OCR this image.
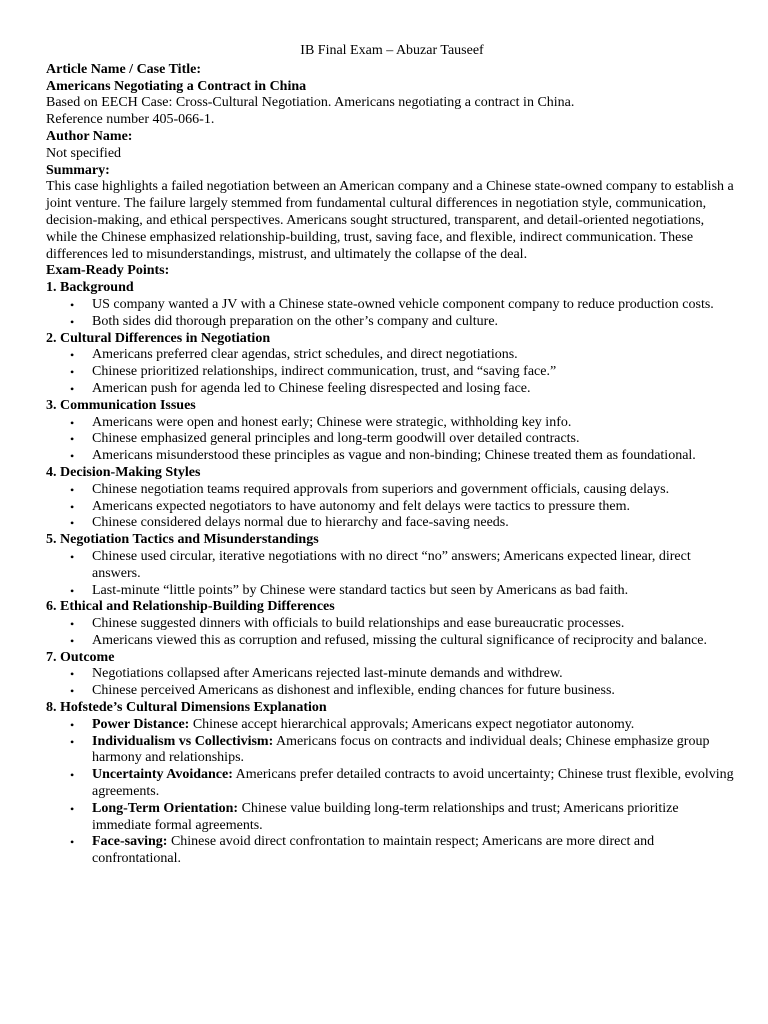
IB Final Exam – Abuzar Tauseef

Article Name / Case Title:

Americans Negotiating a Contract in China

Based on EECH Case: Cross-Cultural Negotiation. Americans negotiating a contract in China.

Reference number 405-066-1.

Author Name:

Not specified

Summary:

This case highlights a failed negotiation between an American company and a Chinese state-owned company to establish a joint venture. The failure largely stemmed from fundamental cultural differences in negotiation style, communication, decision-making, and ethical perspectives. Americans sought structured, transparent, and detail-oriented negotiations, while the Chinese emphasized relationship-building, trust, saving face, and flexible, indirect communication. These differences led to misunderstandings, mistrust, and ultimately the collapse of the deal.

Exam-Ready Points:

1. Background

• US company wanted a JV with a Chinese state-owned vehicle component company to reduce production costs.
• Both sides did thorough preparation on the other’s company and culture.

2. Cultural Differences in Negotiation

• Americans preferred clear agendas, strict schedules, and direct negotiations.
• Chinese prioritized relationships, indirect communication, trust, and “saving face.”
• American push for agenda led to Chinese feeling disrespected and losing face.

3. Communication Issues

• Americans were open and honest early; Chinese were strategic, withholding key info.
• Chinese emphasized general principles and long-term goodwill over detailed contracts.
• Americans misunderstood these principles as vague and non-binding; Chinese treated them as foundational.

4. Decision-Making Styles

• Chinese negotiation teams required approvals from superiors and government officials, causing delays.
• Americans expected negotiators to have autonomy and felt delays were tactics to pressure them.
• Chinese considered delays normal due to hierarchy and face-saving needs.

5. Negotiation Tactics and Misunderstandings

• Chinese used circular, iterative negotiations with no direct “no” answers; Americans expected linear, direct answers.
• Last-minute “little points” by Chinese were standard tactics but seen by Americans as bad faith.

6. Ethical and Relationship-Building Differences

• Chinese suggested dinners with officials to build relationships and ease bureaucratic processes.
• Americans viewed this as corruption and refused, missing the cultural significance of reciprocity and balance.

7. Outcome

• Negotiations collapsed after Americans rejected last-minute demands and withdrew.
• Chinese perceived Americans as dishonest and inflexible, ending chances for future business.

8. Hofstede’s Cultural Dimensions Explanation

• Power Distance: Chinese accept hierarchical approvals; Americans expect negotiator autonomy.
• Individualism vs Collectivism: Americans focus on contracts and individual deals; Chinese emphasize group harmony and relationships.
• Uncertainty Avoidance: Americans prefer detailed contracts to avoid uncertainty; Chinese trust flexible, evolving agreements.
• Long-Term Orientation: Chinese value building long-term relationships and trust; Americans prioritize immediate formal agreements.
• Face-saving: Chinese avoid direct confrontation to maintain respect; Americans are more direct and confrontational.
